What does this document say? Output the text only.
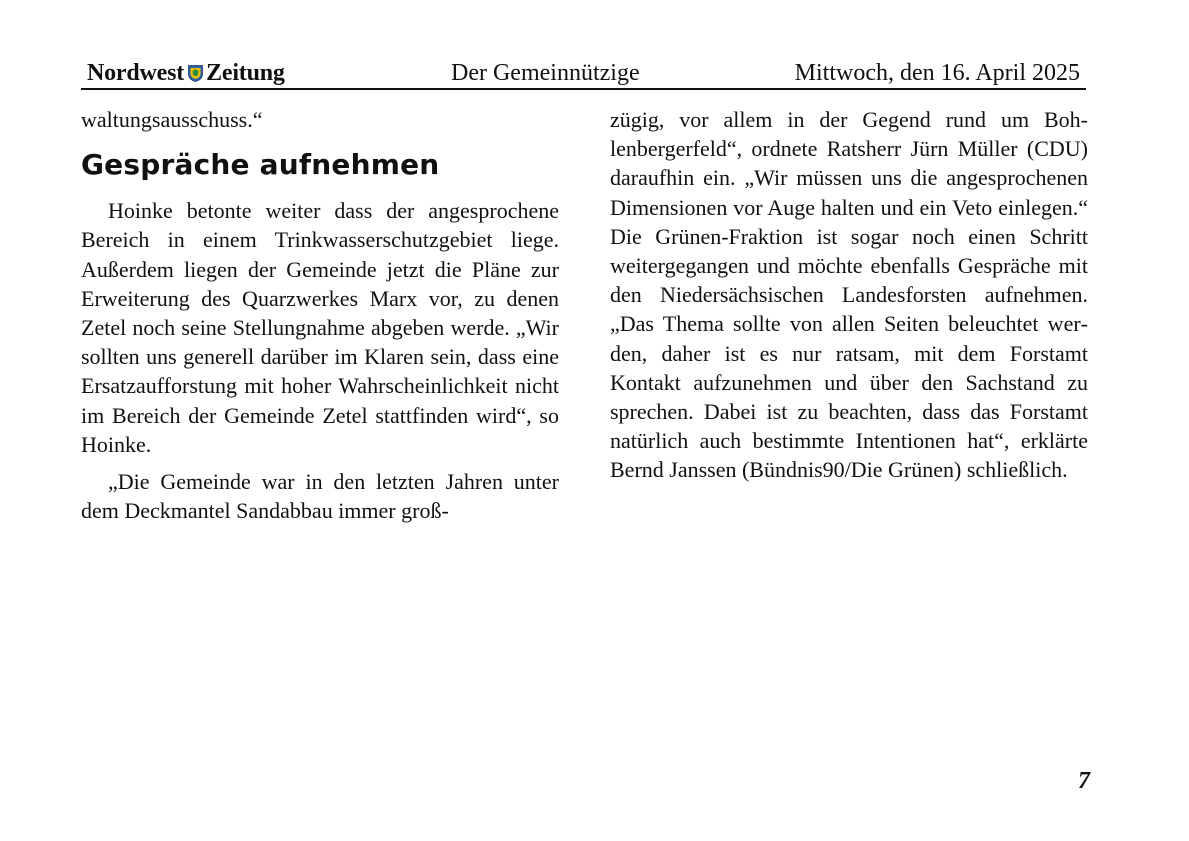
Nordwest Zeitung	Der Gemeinnützige	Mittwoch, den 16. April 2025

waltungsausschuss.“

Gespräche aufnehmen

Hoinke betonte weiter dass der angesprochene Bereich in einem Trinkwasserschutzgebiet liege. Außerdem liegen der Gemeinde jetzt die Pläne zur Erweiterung des Quarzwerkes Marx vor, zu denen Zetel noch seine Stellungnahme abgeben werde. „Wir sollten uns generell darüber im Klaren sein, dass eine Ersatzaufforstung mit hoher Wahrscheinlichkeit nicht im Bereich der Gemeinde Zetel stattfinden wird“, so Hoinke.

„Die Gemeinde war in den letzten Jahren unter dem Deckmantel Sandabbau immer groß-

zügig, vor allem in der Gegend rund um Bohlenbergerfeld“, ordnete Ratsherr Jürn Müller (CDU) daraufhin ein. „Wir müssen uns die angesprochenen Dimensionen vor Auge halten und ein Veto einlegen.“ Die Grünen-Fraktion ist sogar noch einen Schritt weitergegangen und möchte ebenfalls Gespräche mit den Niedersächsischen Landesforsten aufnehmen. „Das Thema sollte von allen Seiten beleuchtet werden, daher ist es nur ratsam, mit dem Forstamt Kontakt aufzunehmen und über den Sachstand zu sprechen. Dabei ist zu beachten, dass das Forstamt natürlich auch bestimmte Intentionen hat“, erklärte Bernd Janssen (Bündnis90/Die Grünen) schließlich.

7
